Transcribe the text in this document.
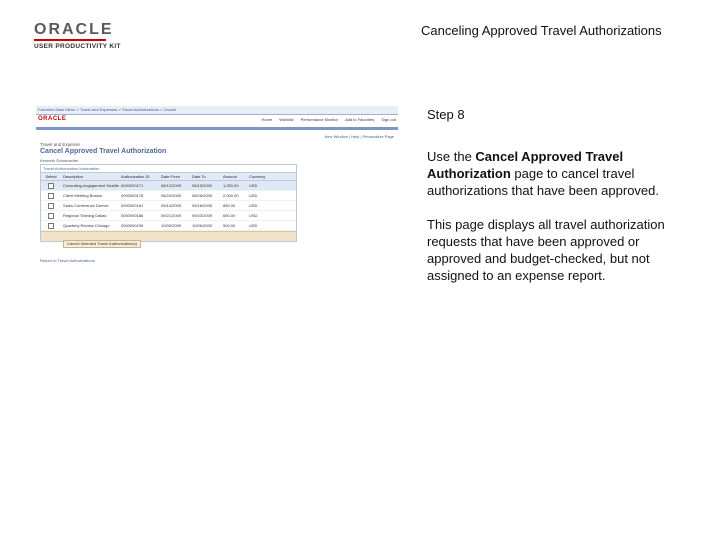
ORACLE
USER PRODUCTIVITY KIT
Canceling Approved Travel Authorizations
Favorites Main Menu > Travel and Expenses > Travel Authorizations > Cancel
ORACLE	Home Worklist Performance Monitor Add to Favorites Sign out
New Window | Help | Personalize Page
Travel and Expense
Cancel Approved Travel Authorization
Kenneth Schumacher
Travel Authorization Information
Select	Description	Authorization ID	Date From	Date To	Amount	Currency
Consulting engagement Seattle 0000000171	08/12/2009	08/15/2009	1,250.00	USD
Client Meeting Boston	0000000178	08/24/2009	08/26/2009	2,000.00	USD
Sales Conference Denver	0000000181	09/14/2009	09/16/2009	850.00	USD
Regional Training Dallas	0000000186	09/21/2009	09/23/2009	650.00	USD
Quarterly Review Chicago	0000000190	10/05/2009	10/06/2009	500.00	USD
Cancel Selected Travel Authorization(s)
Return to Travel Authorizations
Step 8

Use the Cancel Approved Travel Authorization page to cancel travel authorizations that have been approved.

This page displays all travel authorization requests that have been approved or approved and budget-checked, but not assigned to an expense report.
